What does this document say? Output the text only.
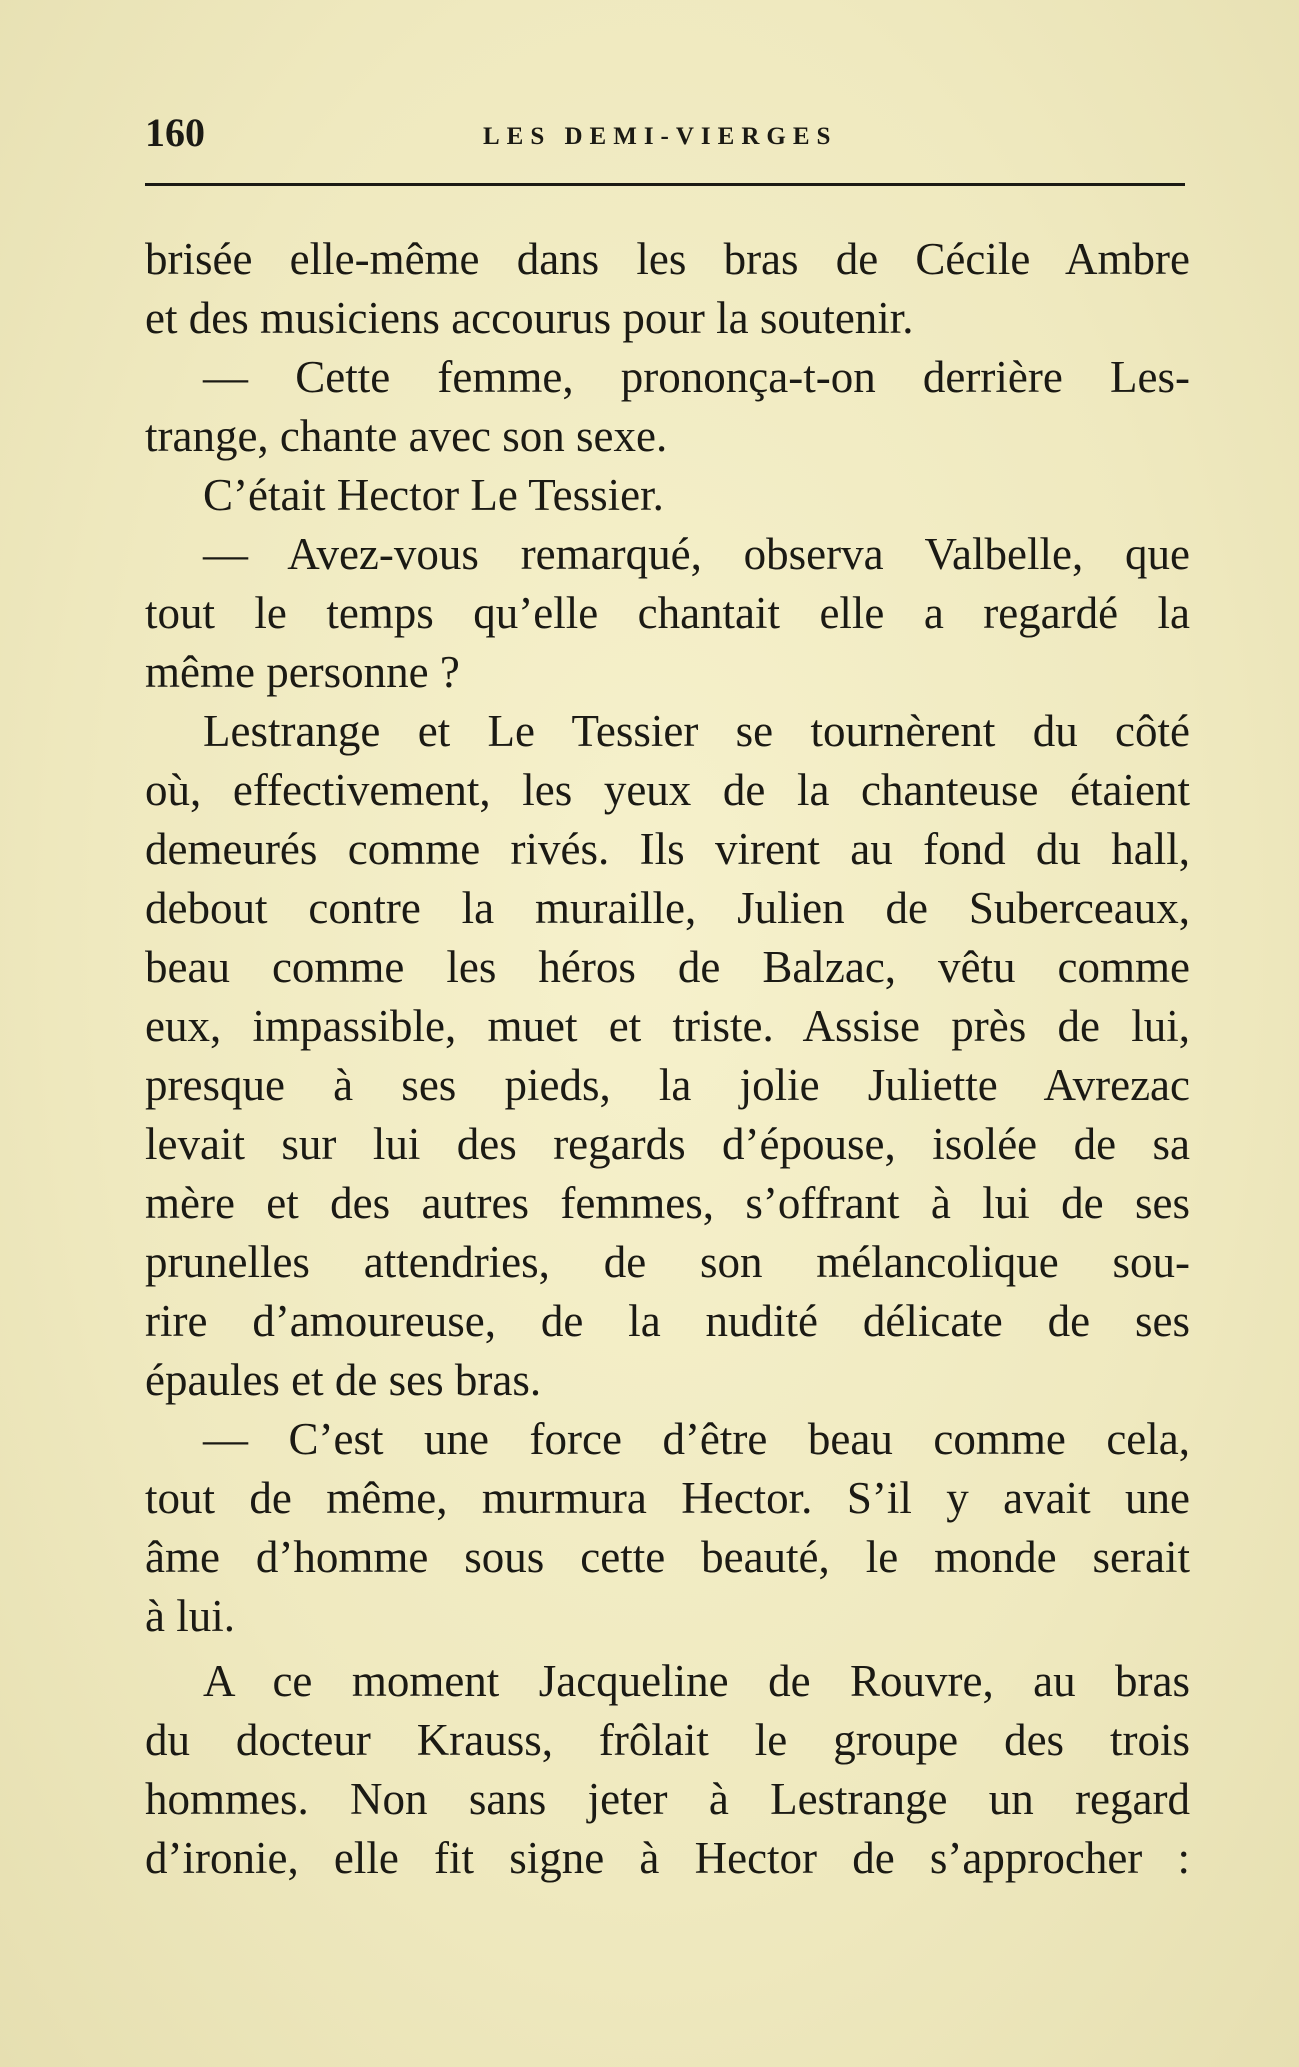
160	LES DEMI-VIERGES
brisée elle-même dans les bras de Cécile Ambre
et des musiciens accourus pour la soutenir.
— Cette femme, prononça-t-on derrière Les-
trange, chante avec son sexe.
C’était Hector Le Tessier.
— Avez-vous remarqué, observa Valbelle, que
tout le temps qu’elle chantait elle a regardé la
même personne ?
Lestrange et Le Tessier se tournèrent du côté
où, effectivement, les yeux de la chanteuse étaient
demeurés comme rivés. Ils virent au fond du hall,
debout contre la muraille, Julien de Suberceaux,
beau comme les héros de Balzac, vêtu comme
eux, impassible, muet et triste. Assise près de lui,
presque à ses pieds, la jolie Juliette Avrezac
levait sur lui des regards d’épouse, isolée de sa
mère et des autres femmes, s’offrant à lui de ses
prunelles attendries, de son mélancolique sou-
rire d’amoureuse, de la nudité délicate de ses
épaules et de ses bras.
— C’est une force d’être beau comme cela,
tout de même, murmura Hector. S’il y avait une
âme d’homme sous cette beauté, le monde serait
à lui.
A ce moment Jacqueline de Rouvre, au bras
du docteur Krauss, frôlait le groupe des trois
hommes. Non sans jeter à Lestrange un regard
d’ironie, elle fit signe à Hector de s’approcher :
